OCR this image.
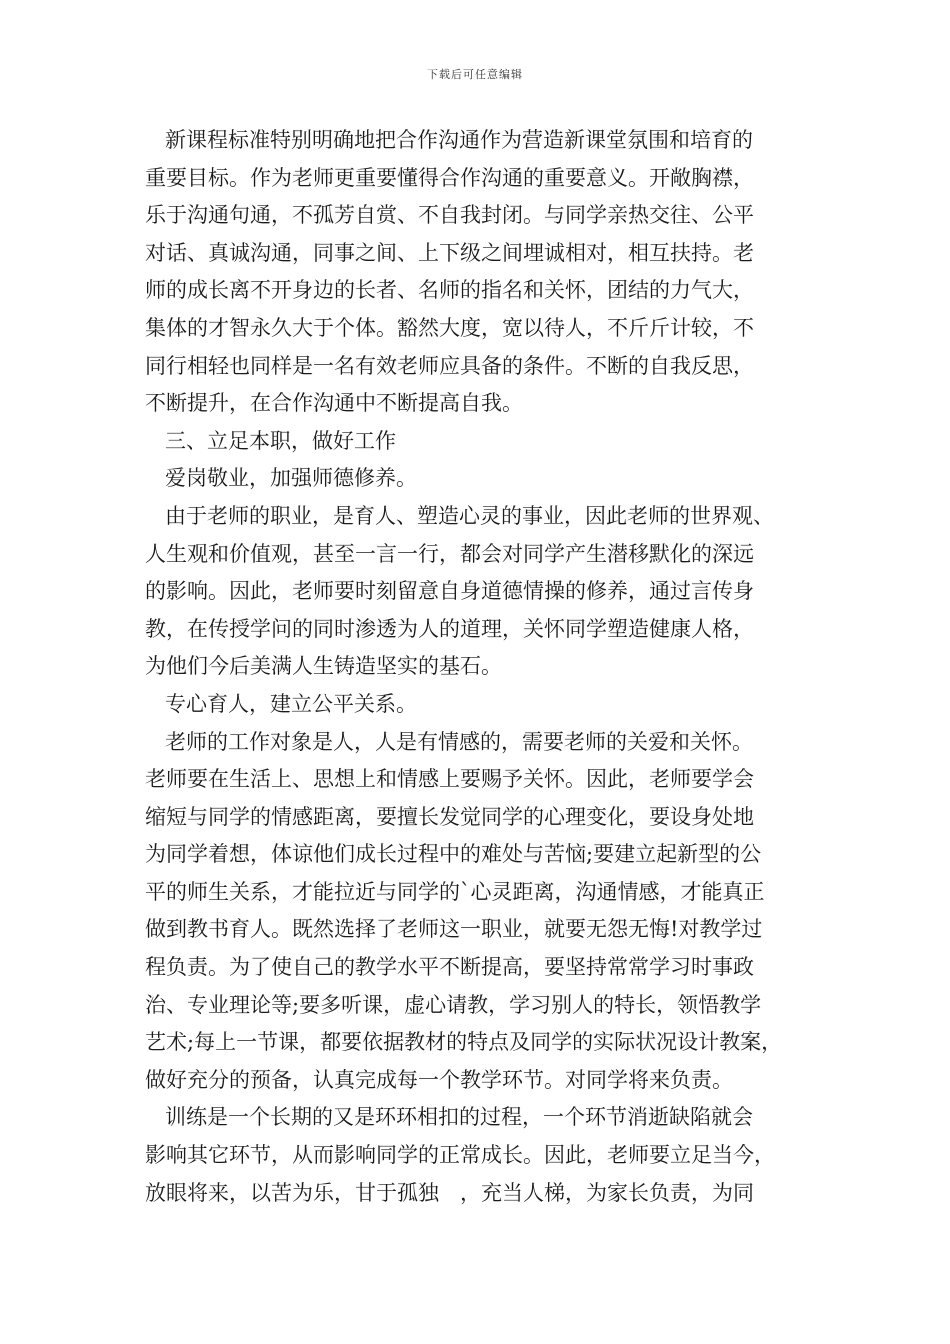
下载后可任意编辑
新课程标准特别明确地把合作沟通作为营造新课堂氛围和培育的
重要目标。作为老师更重要懂得合作沟通的重要意义。开敞胸襟，
乐于沟通句通，不孤芳自赏、不自我封闭。与同学亲热交往、公平
对话、真诚沟通，同事之间、上下级之间埋诚相对，相互扶持。老
师的成长离不开身边的长者、名师的指名和关怀，团结的力气大，
集体的才智永久大于个体。豁然大度，宽以待人，不斤斤计较，不
同行相轻也同样是一名有效老师应具备的条件。不断的自我反思，
不断提升，在合作沟通中不断提高自我。
三、立足本职，做好工作
爱岗敬业，加强师德修养。
由于老师的职业，是育人、塑造心灵的事业，因此老师的世界观、
人生观和价值观，甚至一言一行，都会对同学产生潜移默化的深远
的影响。因此，老师要时刻留意自身道德情操的修养，通过言传身
教，在传授学问的同时渗透为人的道理，关怀同学塑造健康人格，
为他们今后美满人生铸造坚实的基石。
专心育人，建立公平关系。
老师的工作对象是人，人是有情感的，需要老师的关爱和关怀。
老师要在生活上、思想上和情感上要赐予关怀。因此，老师要学会
缩短与同学的情感距离，要擅长发觉同学的心理变化，要设身处地
为同学着想，体谅他们成长过程中的难处与苦恼;要建立起新型的公
平的师生关系，才能拉近与同学的`心灵距离，沟通情感，才能真正
做到教书育人。既然选择了老师这一职业，就要无怨无悔!对教学过
程负责。为了使自己的教学水平不断提高，要坚持常常学习时事政
治、专业理论等;要多听课，虚心请教，学习别人的特长，领悟教学
艺术;每上一节课，都要依据教材的特点及同学的实际状况设计教案，
做好充分的预备，认真完成每一个教学环节。对同学将来负责。
训练是一个长期的又是环环相扣的过程，一个环节消逝缺陷就会
影响其它环节，从而影响同学的正常成长。因此，老师要立足当今，
放眼将来，以苦为乐，甘于孤独　，充当人梯，为家长负责，为同
